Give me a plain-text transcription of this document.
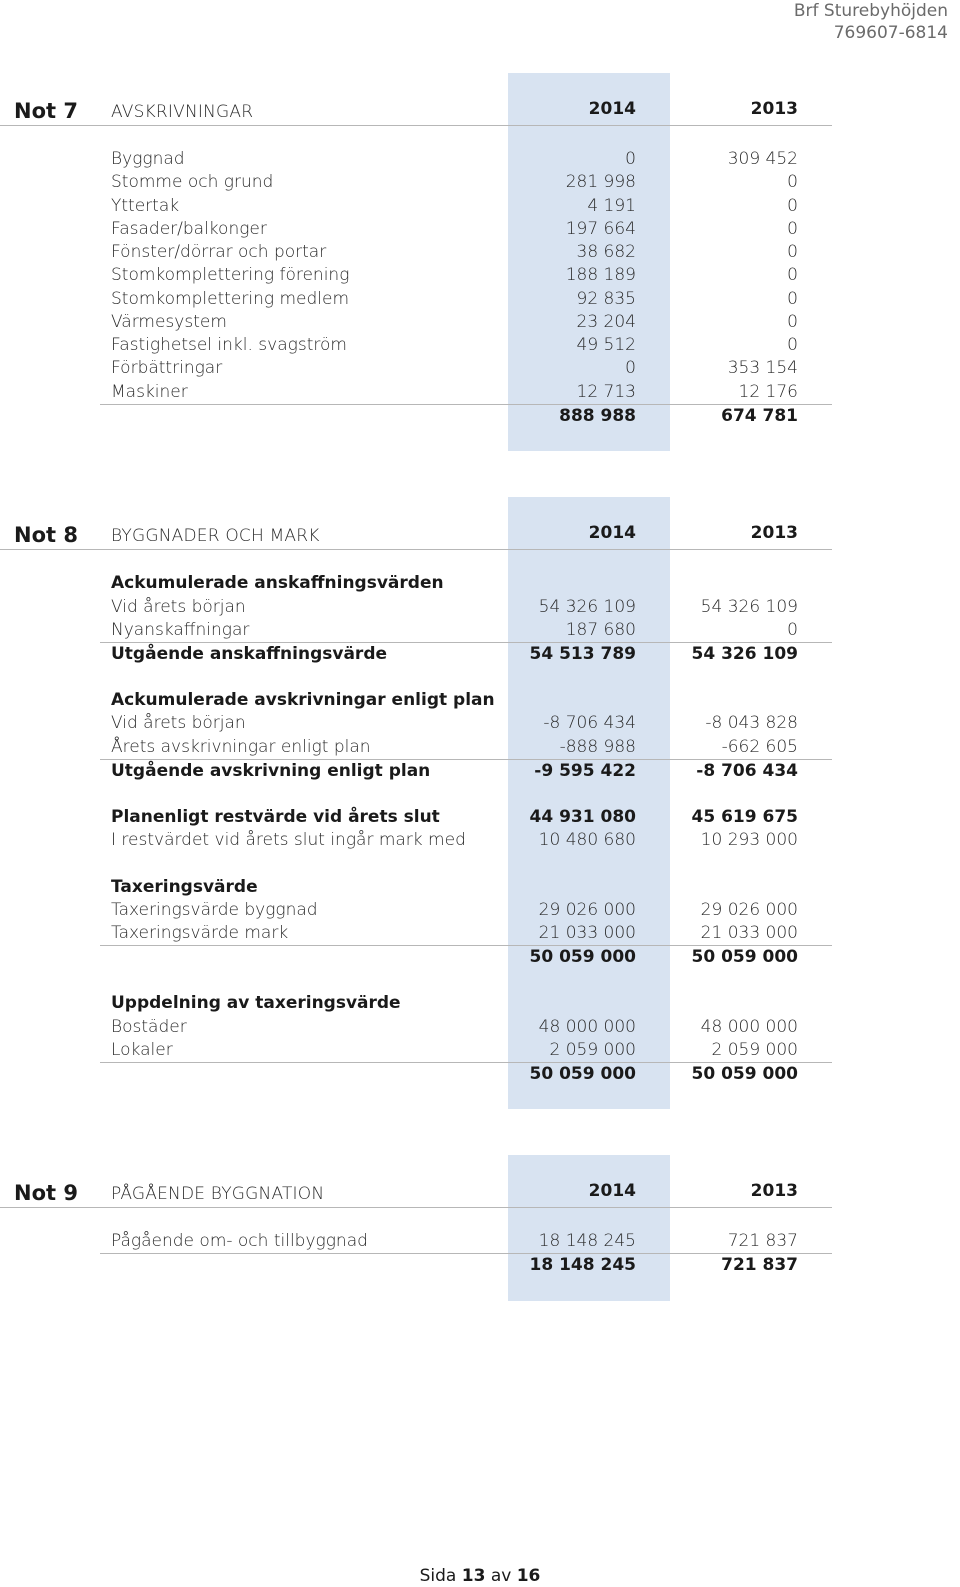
Brf Sturebyhöjden
769607-6814
Not 7 AVSKRIVNINGAR	2014	2013
Byggnad	0	309 452
Stomme och grund	281 998	0
Yttertak	4 191	0
Fasader/balkonger	197 664	0
Fönster/dörrar och portar	38 682	0
Stomkomplettering förening	188 189	0
Stomkomplettering medlem	92 835	0
Värmesystem	23 204	0
Fastighetsel inkl. svagström	49 512	0
Förbättringar	0	353 154
Maskiner	12 713	12 176
888 988	674 781
Not 8 BYGGNADER OCH MARK	2014	2013
Ackumulerade anskaffningsvärden
Vid årets början	54 326 109	54 326 109
Nyanskaffningar	187 680	0
Utgående anskaffningsvärde	54 513 789	54 326 109
Ackumulerade avskrivningar enligt plan
Vid årets början	-8 706 434	-8 043 828
Årets avskrivningar enligt plan	-888 988	-662 605
Utgående avskrivning enligt plan	-9 595 422	-8 706 434
Planenligt restvärde vid årets slut	44 931 080	45 619 675
I restvärdet vid årets slut ingår mark med	10 480 680	10 293 000
Taxeringsvärde
Taxeringsvärde byggnad	29 026 000	29 026 000
Taxeringsvärde mark	21 033 000	21 033 000
50 059 000	50 059 000
Uppdelning av taxeringsvärde
Bostäder	48 000 000	48 000 000
Lokaler	2 059 000	2 059 000
50 059 000	50 059 000
Not 9 PÅGÅENDE BYGGNATION	2014	2013
Pågående om- och tillbyggnad	18 148 245	721 837
18 148 245	721 837
Sida 13 av 16
